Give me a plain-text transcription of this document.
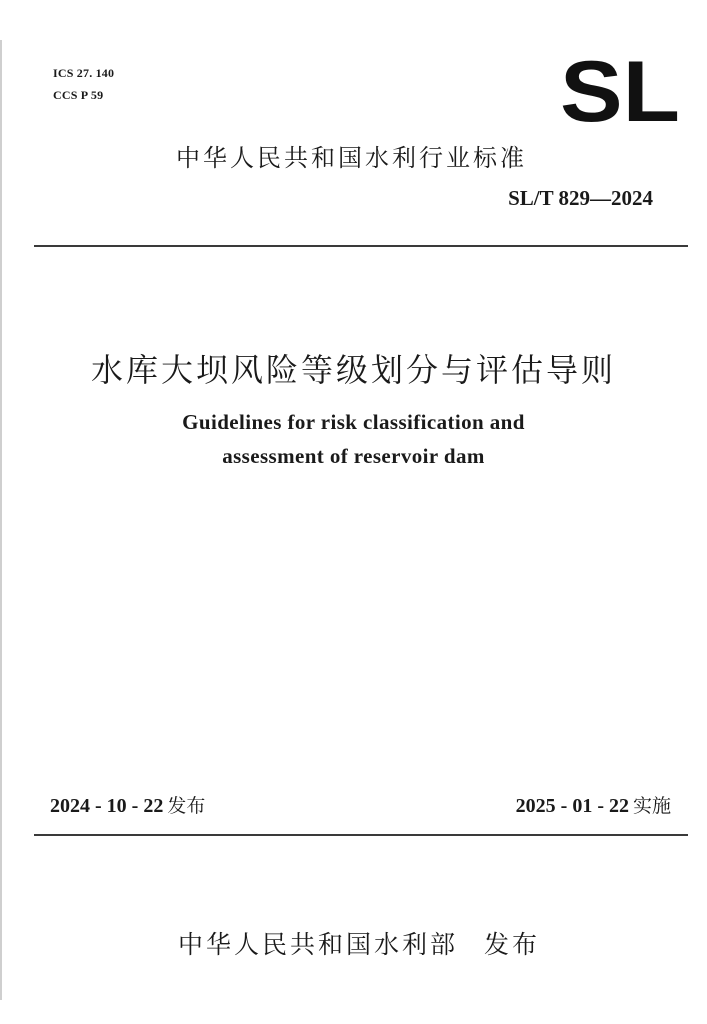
ICS 27. 140
CCS P 59	SL
中华人民共和国水利行业标准
SL/T 829—2024
水库大坝风险等级划分与评估导则
Guidelines for risk classification and
assessment of reservoir dam
2024 - 10 - 22 发布	2025 - 01 - 22 实施
中华人民共和国水利部 发布
